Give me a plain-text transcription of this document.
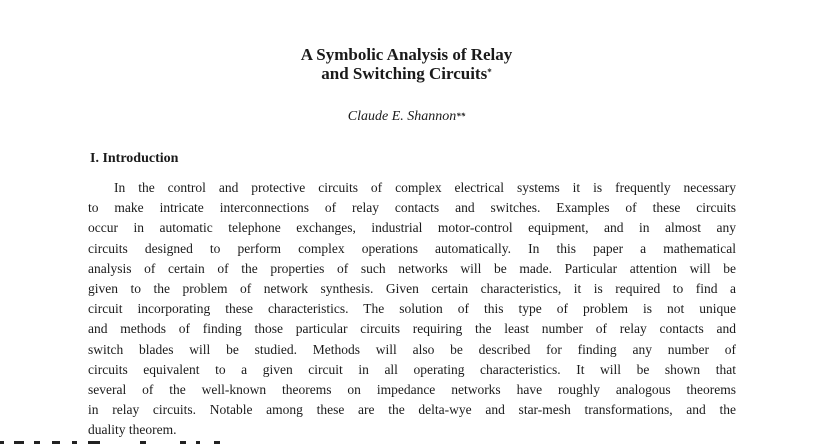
A Symbolic Analysis of Relay
and Switching Circuits*
Claude E. Shannon**
I. Introduction
In the control and protective circuits of complex electrical systems it is frequently necessary
to make intricate interconnections of relay contacts and switches. Examples of these circuits
occur in automatic telephone exchanges, industrial motor-control equipment, and in almost any
circuits designed to perform complex operations automatically. In this paper a mathematical
analysis of certain of the properties of such networks will be made. Particular attention will be
given to the problem of network synthesis. Given certain characteristics, it is required to find a
circuit incorporating these characteristics. The solution of this type of problem is not unique
and methods of finding those particular circuits requiring the least number of relay contacts and
switch blades will be studied. Methods will also be described for finding any number of
circuits equivalent to a given circuit in all operating characteristics. It will be shown that
several of the well-known theorems on impedance networks have roughly analogous theorems
in relay circuits. Notable among these are the delta-wye and star-mesh transformations, and the
duality theorem.
